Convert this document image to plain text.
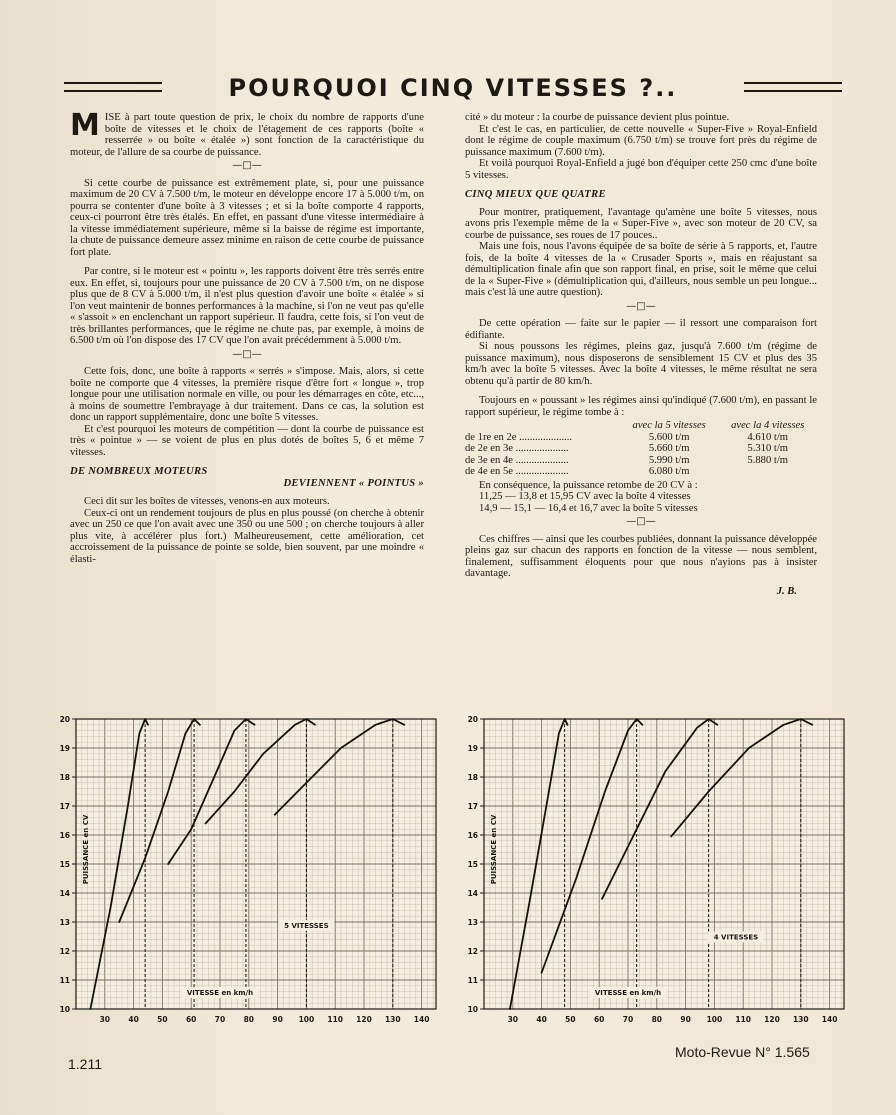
POURQUOI CINQ VITESSES ?..

MISE à part toute question de prix, le choix du nombre de rapports d'une boîte de vitesses et le choix de l'étagement de ces rapports (boîte « resserrée » ou boîte « étalée ») sont fonction de la caractéristique du moteur, de l'allure de sa courbe de puissance.

—□—

Si cette courbe de puissance est extrêmement plate, si, pour une puissance maximum de 20 CV à 7.500 t/m, le moteur en développe encore 17 à 5.000 t/m, on pourra se contenter d'une boîte à 3 vitesses ; et si la boîte comporte 4 rapports, ceux-ci pourront être très étalés. En effet, en passant d'une vitesse intermédiaire à la vitesse immédiatement supérieure, même si la baisse de régime est importante, la chute de puissance demeure assez minime en raison de cette courbe de puissance fort plate.

Par contre, si le moteur est « pointu », les rapports doivent être très serrés entre eux. En effet, si, toujours pour une puissance de 20 CV à 7.500 t/m, on ne dispose plus que de 8 CV à 5.000 t/m, il n'est plus question d'avoir une boîte « étalée » si l'on veut maintenir de bonnes performances à la machine, si l'on ne veut pas qu'elle « s'assoit » en enclenchant un rapport supérieur. Il faudra, cette fois, si l'on veut de très brillantes performances, que le régime ne chute pas, par exemple, à moins de 6.500 t/m où l'on dispose des 17 CV que l'on avait précédemment à 5.000 t/m.

—□—

Cette fois, donc, une boîte à rapports « serrés » s'impose. Mais, alors, si cette boîte ne comporte que 4 vitesses, la première risque d'être fort « longue », trop longue pour une utilisation normale en ville, ou pour les démarrages en côte, etc..., à moins de soumettre l'embrayage à dur traitement. Dans ce cas, la solution est donc un rapport supplémentaire, donc une boîte 5 vitesses.

Et c'est pourquoi les moteurs de compétition — dont la courbe de puissance est très « pointue » — se voient de plus en plus dotés de boîtes 5, 6 et même 7 vitesses.

DE NOMBREUX MOTEURS
DEVIENNENT « POINTUS »

Ceci dit sur les boîtes de vitesses, venons-en aux moteurs.

Ceux-ci ont un rendement toujours de plus en plus poussé (on cherche à obtenir avec un 250 ce que l'on avait avec une 350 ou une 500 ; on cherche toujours à aller plus vite, à accélérer plus fort.) Malheureusement, cette amélioration, cet accroissement de la puissance de pointe se solde, bien souvent, par une moindre « élasti-

cité » du moteur : la courbe de puissance devient plus pointue.

Et c'est le cas, en particulier, de cette nouvelle « Super-Five » Royal-Enfield dont le régime de couple maximum (6.750 t/m) se trouve fort près du régime de puissance maximum (7.600 t/m).

Et voilà pourquoi Royal-Enfield a jugé bon d'équiper cette 250 cmc d'une boîte 5 vitesses.

CINQ MIEUX QUE QUATRE

Pour montrer, pratiquement, l'avantage qu'amène une boîte 5 vitesses, nous avons pris l'exemple même de la « Super-Five », avec son moteur de 20 CV, sa courbe de puissance, ses roues de 17 pouces..

Mais une fois, nous l'avons équipée de sa boîte de série à 5 rapports, et, l'autre fois, de la boîte 4 vitesses de la « Crusader Sports », mais en réajustant sa démultiplication finale afin que son rapport final, en prise, soit le même que celui de la « Super-Five » (démultiplication qui, d'ailleurs, nous semble un peu longue... mais c'est là une autre question).

—□—

De cette opération — faite sur le papier — il ressort une comparaison fort édifiante.

Si nous poussons les régimes, pleins gaz, jusqu'à 7.600 t/m (régime de puissance maximum), nous disposerons de sensiblement 15 CV et plus des 35 km/h avec la boîte 5 vitesses. Avec la boîte 4 vitesses, le même résultat ne sera obtenu qu'à partir de 80 km/h.

Toujours en « poussant » les régimes ainsi qu'indiqué (7.600 t/m), en passant le rapport supérieur, le régime tombe à :

	avec la 5 vitesses	avec la 4 vitesses
de 1re en 2e ....................	5.600 t/m	4.610 t/m
de 2e en 3e ....................	5.660 t/m	5.310 t/m
de 3e en 4e ....................	5.990 t/m	5.880 t/m
de 4e en 5e ....................	6.080 t/m	

En conséquence, la puissance retombe de 20 CV à :

11,25 — 13,8 et 15,95 CV avec la boîte 4 vitesses

14,9 — 15,1 — 16,4 et 16,7 avec la boîte 5 vitesses

—□—

Ces chiffres — ainsi que les courbes publiées, donnant la puissance développée pleins gaz sur chacun des rapports en fonction de la vitesse — nous semblent, finalement, suffisamment éloquents pour que nous n'ayions pas à insister davantage.

J. B.
30 40 50 60 70 80 90 100 110 120 130 140
10
11
12
13
14
15
16
17
18
19
20
5 VITESSES
VITESSE en km/h
PUISSANCE en CV
30 40 50 60 70 80 90 100 110 120 130 140
10
11
12
13
14
15
16
17
18
19
20
4 VITESSES
VITESSE en km/h
PUISSANCE en CV
1.211
Moto-Revue N° 1.565
